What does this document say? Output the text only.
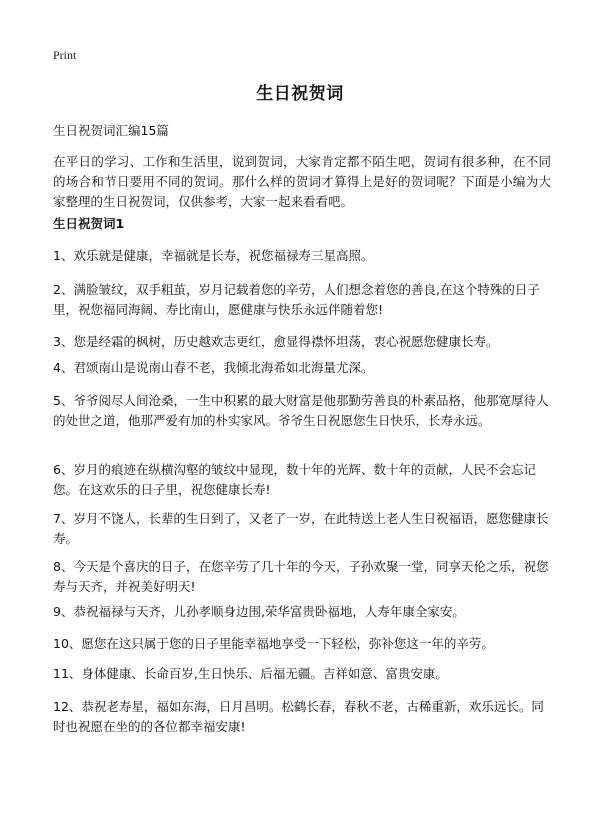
Print
生日祝贺词

生日祝贺词汇编15篇

在平日的学习、工作和生活里，说到贺词，大家肯定都不陌生吧，贺词有很多种，在不同的场合和节日要用不同的贺词。那什么样的贺词才算得上是好的贺词呢？下面是小编为大家整理的生日祝贺词，仅供参考，大家一起来看看吧。

生日祝贺词1

1、欢乐就是健康，幸福就是长寿，祝您福禄寿三星高照。

2、满脸皱纹，双手粗茧，岁月记载着您的辛劳，人们想念着您的善良,在这个特殊的日子里，祝您福同海阔、寿比南山，愿健康与快乐永远伴随着您!

3、您是经霜的枫树，历史越欢志更红，愈显得襟怀坦荡，衷心祝愿您健康长寿。

4、君颂南山是说南山春不老，我倾北海希如北海量尤深。

5、爷爷阅尽人间沧桑，一生中积累的最大财富是他那勤劳善良的朴素品格，他那宽厚待人的处世之道，他那严爱有加的朴实家风。爷爷生日祝愿您生日快乐，长寿永远。

6、岁月的痕迹在纵横沟壑的皱纹中显现，数十年的光辉、数十年的贡献，人民不会忘记您。在这欢乐的日子里，祝您健康长寿!

7、岁月不饶人，长辈的生日到了，又老了一岁，在此特送上老人生日祝福语，愿您健康长寿。

8、今天是个喜庆的日子，在您辛劳了几十年的今天，子孙欢聚一堂，同享天伦之乐，祝您寿与天齐，并祝美好明天!

9、恭祝福禄与天齐，儿孙孝顺身边围,荣华富贵卧福地，人寿年康全家安。

10、愿您在这只属于您的日子里能幸福地享受一下轻松，弥补您这一年的辛劳。

11、身体健康、长命百岁,生日快乐、后福无疆。吉祥如意、富贵安康。

12、恭祝老寿星，福如东海，日月昌明。松鹤长春，春秋不老，古稀重新，欢乐远长。同时也祝愿在坐的的各位都幸福安康!
